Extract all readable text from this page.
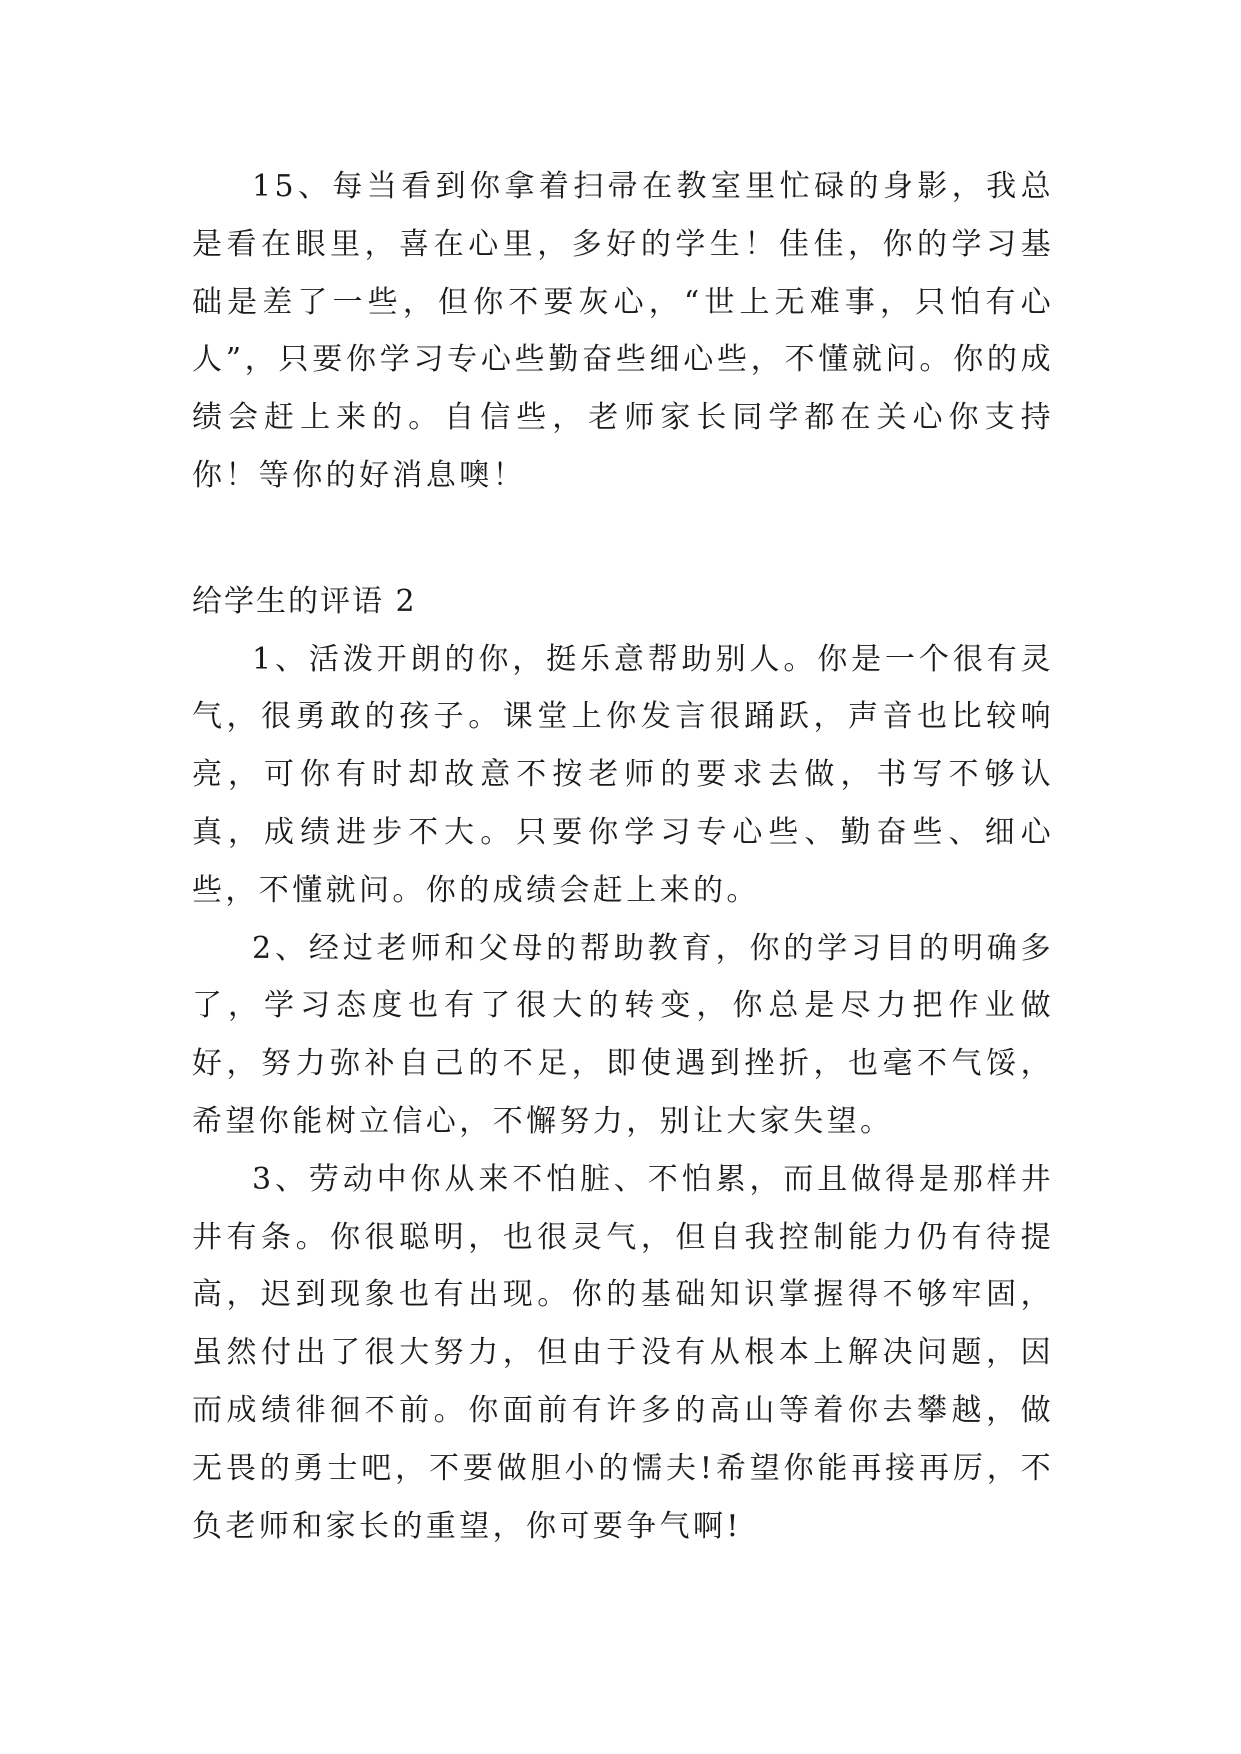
15、每当看到你拿着扫帚在教室里忙碌的身影，我总是看在眼里，喜在心里，多好的学生！佳佳，你的学习基础是差了一些，但你不要灰心，“世上无难事，只怕有心人”，只要你学习专心些勤奋些细心些，不懂就问。你的成绩会赶上来的。自信些，老师家长同学都在关心你支持你！等你的好消息噢！

给学生的评语 2

1、活泼开朗的你，挺乐意帮助别人。你是一个很有灵气，很勇敢的孩子。课堂上你发言很踊跃，声音也比较响亮，可你有时却故意不按老师的要求去做，书写不够认真，成绩进步不大。只要你学习专心些、勤奋些、细心些，不懂就问。你的成绩会赶上来的。

2、经过老师和父母的帮助教育，你的学习目的明确多了，学习态度也有了很大的转变，你总是尽力把作业做好，努力弥补自己的不足，即使遇到挫折，也毫不气馁，希望你能树立信心，不懈努力，别让大家失望。

3、劳动中你从来不怕脏、不怕累，而且做得是那样井井有条。你很聪明，也很灵气，但自我控制能力仍有待提高，迟到现象也有出现。你的基础知识掌握得不够牢固，虽然付出了很大努力，但由于没有从根本上解决问题，因而成绩徘徊不前。你面前有许多的高山等着你去攀越，做无畏的勇士吧，不要做胆小的懦夫!希望你能再接再厉，不负老师和家长的重望，你可要争气啊!
